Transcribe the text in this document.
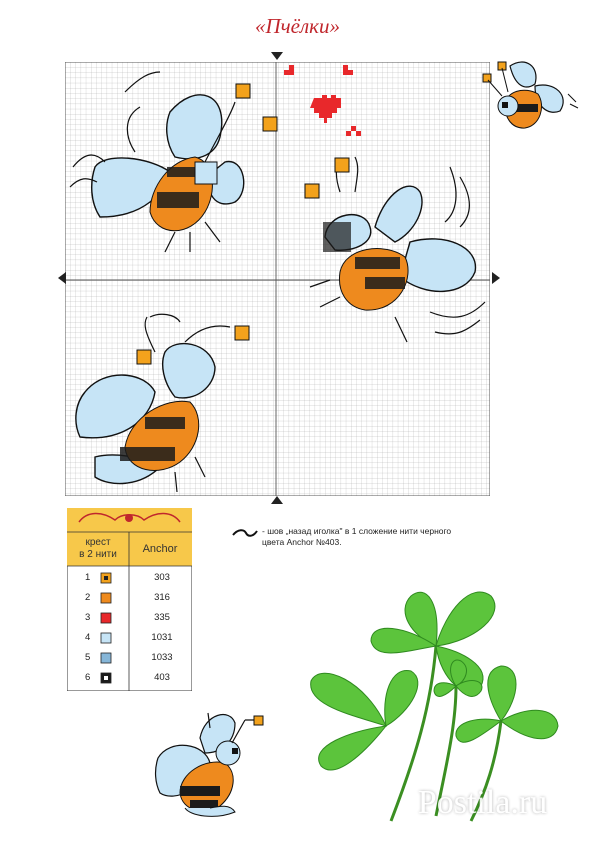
«Пчёлки»
крест
в 2 нити	Anchor
1	303
2	316
3	335
4	1031
5	1033
6	403
- шов „назад иголка" в 1 сложение нити черного цвета Anchor №403.
Postila.ru
